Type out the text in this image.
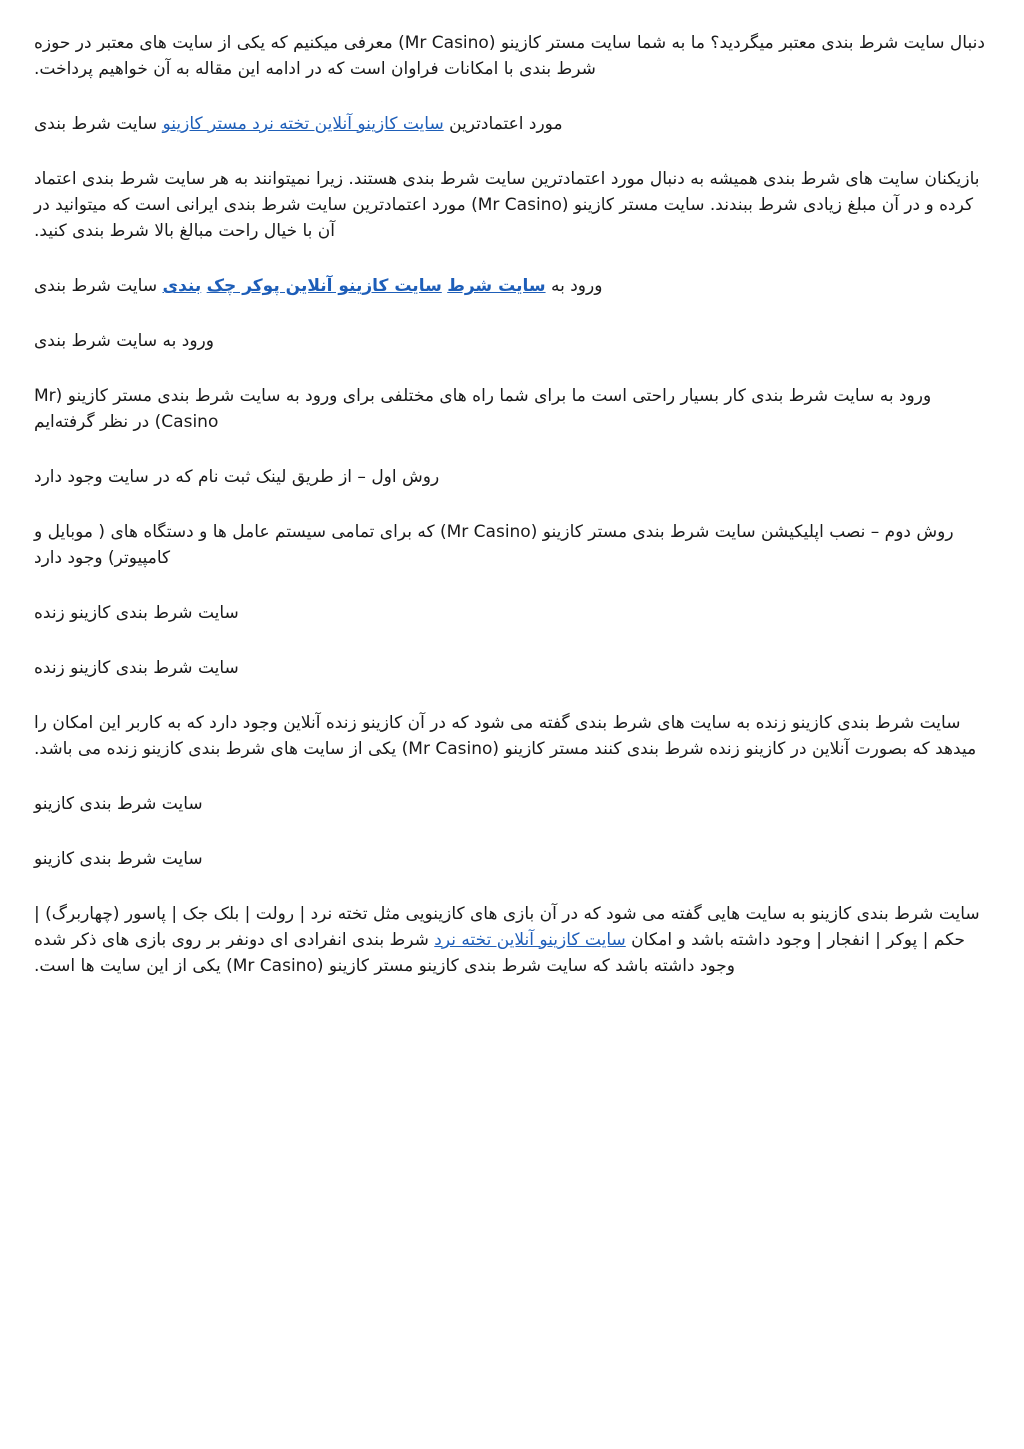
دنبال سایت شرط بندی معتبر میگردید؟ ما به شما سایت مستر کازینو (Mr Casino) معرفی میکنیم که یکی از سایت های معتبر در حوزه شرط بندی با امکانات فراوان است که در ادامه این مقاله به آن خواهیم پرداخت.

مورد اعتمادترین سایت کازینو آنلاین تخته نرد مستر کازینو سایت شرط بندی

بازیکنان سایت های شرط بندی همیشه به دنبال مورد اعتمادترین سایت شرط بندی هستند. زیرا نمیتوانند به هر سایت شرط بندی اعتماد کرده و در آن مبلغ زیادی شرط ببندند. سایت مستر کازینو (Mr Casino) مورد اعتمادترین سایت شرط بندی ایرانی است که میتوانید در آن با خیال راحت مبالغ بالا شرط بندی کنید.

ورود به سایت شرط سایت کازینو آنلاین پوکر چک بندی سایت شرط بندی

ورود به سایت شرط بندی

ورود به سایت شرط بندی کار بسیار راحتی است ما برای شما راه های مختلفی برای ورود به سایت شرط بندی مستر کازینو (Mr Casino) در نظر گرفته‌ایم

روش اول – از طریق لینک ثبت نام که در سایت وجود دارد

روش دوم – نصب اپلیکیشن سایت شرط بندی مستر کازینو (Mr Casino) که برای تمامی سیستم عامل ها و دستگاه های ( موبایل و کامپیوتر) وجود دارد

سایت شرط بندی کازینو زنده

سایت شرط بندی کازینو زنده

سایت شرط بندی کازینو زنده به سایت های شرط بندی گفته می شود که در آن کازینو زنده آنلاین وجود دارد که به کاربر این امکان را میدهد که بصورت آنلاین در کازینو زنده شرط بندی کنند مستر کازینو (Mr Casino) یکی از سایت های شرط بندی کازینو زنده می باشد.

سایت شرط بندی کازینو

سایت شرط بندی کازینو

سایت شرط بندی کازینو به سایت هایی گفته می شود که در آن بازی های کازینویی مثل تخته نرد | رولت | بلک جک | پاسور (چهاربرگ) | حکم | پوکر | انفجار | وجود داشته باشد و امکان سایت کازینو آنلاین تخته نرد شرط بندی انفرادی ای دونفر بر روی بازی های ذکر شده وجود داشته باشد که سایت شرط بندی کازینو مستر کازینو (Mr Casino) یکی از این سایت ها است.
